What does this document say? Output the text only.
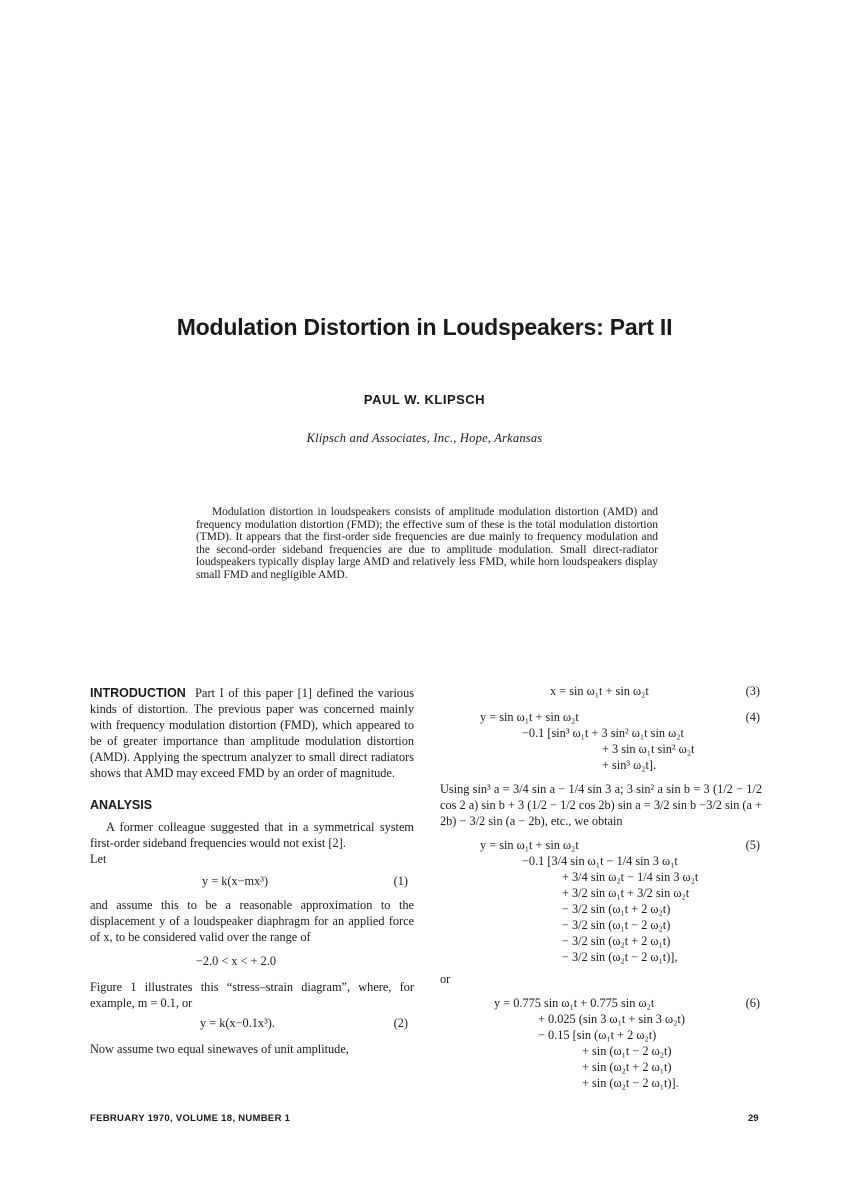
Modulation Distortion in Loudspeakers: Part II
PAUL W. KLIPSCH
Klipsch and Associates, Inc., Hope, Arkansas
Modulation distortion in loudspeakers consists of amplitude modulation distortion (AMD) and frequency modulation distortion (FMD); the effective sum of these is the total modulation distortion (TMD). It appears that the first-order side frequencies are due mainly to frequency modulation and the second-order sideband frequencies are due to amplitude modulation. Small direct-radiator loudspeakers typically display large AMD and relatively less FMD, while horn loudspeakers display small FMD and negligible AMD.

INTRODUCTION Part I of this paper [1] defined the various kinds of distortion. The previous paper was concerned mainly with frequency modulation distortion (FMD), which appeared to be of greater importance than amplitude modulation distortion (AMD). Applying the spectrum analyzer to small direct radiators shows that AMD may exceed FMD by an order of magnitude.

ANALYSIS

A former colleague suggested that in a symmetrical system first-order sideband frequencies would not exist [2].

Let

y = k(x−mx³)	(1)

and assume this to be a reasonable approximation to the displacement y of a loudspeaker diaphragm for an applied force of x, to be considered valid over the range of

−2.0 < x < + 2.0

Figure 1 illustrates this “stress–strain diagram”, where, for example, m = 0.1, or

y = k(x−0.1x³).	(2)

Now assume two equal sinewaves of unit amplitude,

x = sin ω₁t + sin ω₂t	(3)
y = sin ω₁t + sin ω₂t	(4)
−0.1 [sin³ ω₁t + 3 sin² ω₁t sin ω₂t
+ 3 sin ω₁t sin² ω₂t
+ sin³ ω₂t].

Using sin³ a = 3/4 sin a − 1/4 sin 3 a; 3 sin² a sin b = 3 (1/2 − 1/2 cos 2 a) sin b + 3 (1/2 − 1/2 cos 2b) sin a = 3/2 sin b −3/2 sin (a + 2b) − 3/2 sin (a − 2b), etc., we obtain

y = sin ω₁t + sin ω₂t	(5)
−0.1 [3/4 sin ω₁t − 1/4 sin 3 ω₁t
+ 3/4 sin ω₂t − 1/4 sin 3 ω₂t
+ 3/2 sin ω₁t + 3/2 sin ω₂t
− 3/2 sin (ω₁t + 2 ω₂t)
− 3/2 sin (ω₁t − 2 ω₂t)
− 3/2 sin (ω₂t + 2 ω₁t)
− 3/2 sin (ω₂t − 2 ω₁t)],

or

y = 0.775 sin ω₁t + 0.775 sin ω₂t	(6)
+ 0.025 (sin 3 ω₁t + sin 3 ω₂t)
− 0.15 [sin (ω₁t + 2 ω₂t)
+ sin (ω₁t − 2 ω₂t)
+ sin (ω₂t + 2 ω₁t)
+ sin (ω₂t − 2 ω₁t)].
FEBRUARY 1970, VOLUME 18, NUMBER 1	29
